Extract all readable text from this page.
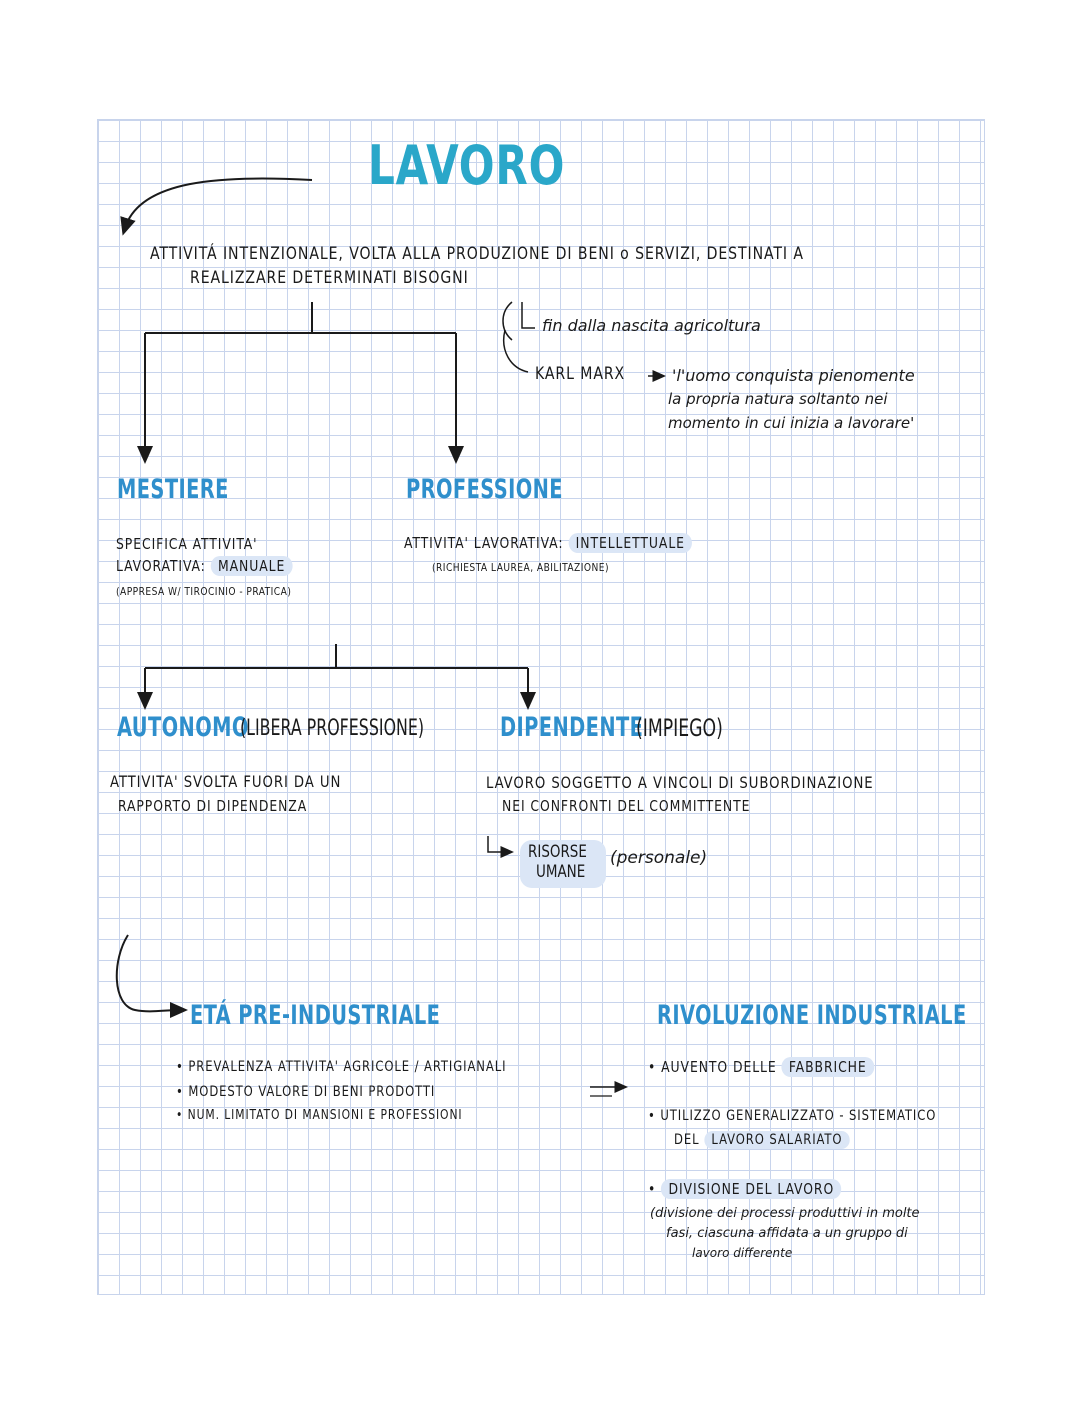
LAVORO
ATTIVITÁ INTENZIONALE, VOLTA ALLA PRODUZIONE DI BENI o SERVIZI, DESTINATI A
REALIZZARE DETERMINATI BISOGNI
fin dalla nascita agricoltura
KARL MARX	'l'uomo conquista pienomente
la propria natura soltanto nei
momento in cui inizia a lavorare'
MESTIERE
SPECIFICA ATTIVITA'
LAVORATIVA: MANUALE
(APPRESA W/ TIROCINIO - PRATICA)
PROFESSIONE
ATTIVITA' LAVORATIVA: INTELLETTUALE
(RICHIESTA LAUREA, ABILITAZIONE)
AUTONOMO
(LIBERA PROFESSIONE)
ATTIVITA' SVOLTA FUORI DA UN
RAPPORTO DI DIPENDENZA
DIPENDENTE
(IMPIEGO)
LAVORO SOGGETTO A VINCOLI DI SUBORDINAZIONE
NEI CONFRONTI DEL COMMITTENTE
RISORSE
UMANE
(personale)
ETÁ PRE-INDUSTRIALE
• PREVALENZA ATTIVITA' AGRICOLE / ARTIGIANALI
• MODESTO VALORE DI BENI PRODOTTI
• NUM. LIMITATO DI MANSIONI E PROFESSIONI
RIVOLUZIONE INDUSTRIALE
• AUVENTO DELLE FABBRICHE
• UTILIZZO GENERALIZZATO - SISTEMATICO
DEL LAVORO SALARIATO
• DIVISIONE DEL LAVORO
(divisione dei processi produttivi in molte
fasi, ciascuna affidata a un gruppo di
lavoro differente
